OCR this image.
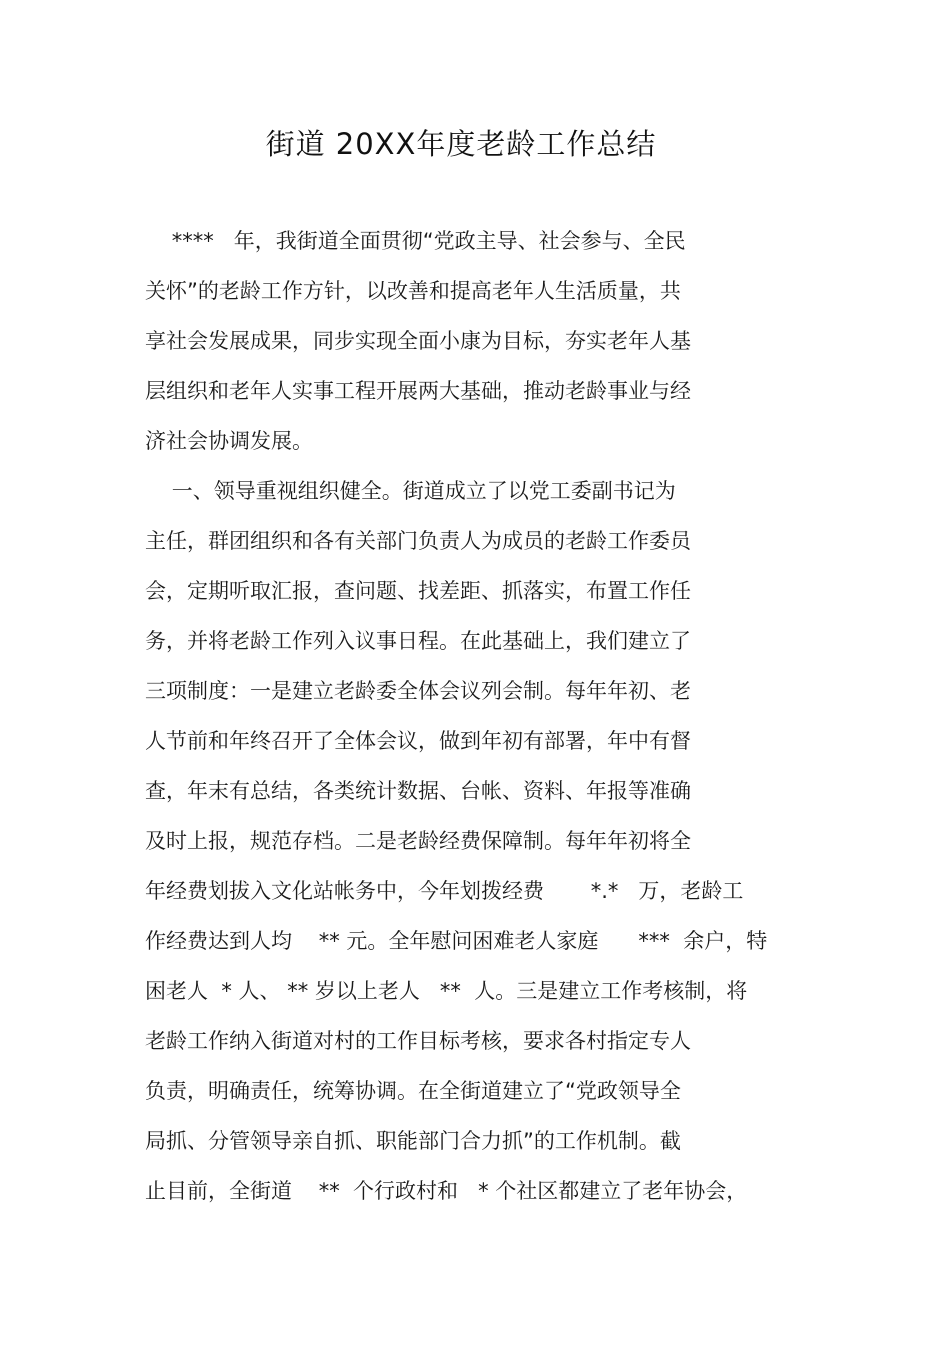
街道 20XX年度老龄工作总结
****   年，我街道全面贯彻“党政主导、社会参与、全民
关怀”的老龄工作方针，以改善和提高老年人生活质量，共
享社会发展成果，同步实现全面小康为目标，夯实老年人基
层组织和老年人实事工程开展两大基础，推动老龄事业与经
济社会协调发展。
一、领导重视组织健全。街道成立了以党工委副书记为
主任，群团组织和各有关部门负责人为成员的老龄工作委员
会，定期听取汇报，查问题、找差距、抓落实，布置工作任
务，并将老龄工作列入议事日程。在此基础上，我们建立了
三项制度：一是建立老龄委全体会议列会制。每年年初、老
人节前和年终召开了全体会议，做到年初有部署，年中有督
查，年末有总结，各类统计数据、台帐、资料、年报等准确
及时上报，规范存档。二是老龄经费保障制。每年年初将全
年经费划拔入文化站帐务中，今年划拨经费       *.*   万，老龄工
作经费达到人均    ** 元。全年慰问困难老人家庭      ***  余户，特
困老人  * 人、 ** 岁以上老人   **  人。三是建立工作考核制，将
老龄工作纳入街道对村的工作目标考核，要求各村指定专人
负责，明确责任，统筹协调。在全街道建立了“党政领导全
局抓、分管领导亲自抓、职能部门合力抓”的工作机制。截
止目前，全街道    **  个行政村和   * 个社区都建立了老年协会，
